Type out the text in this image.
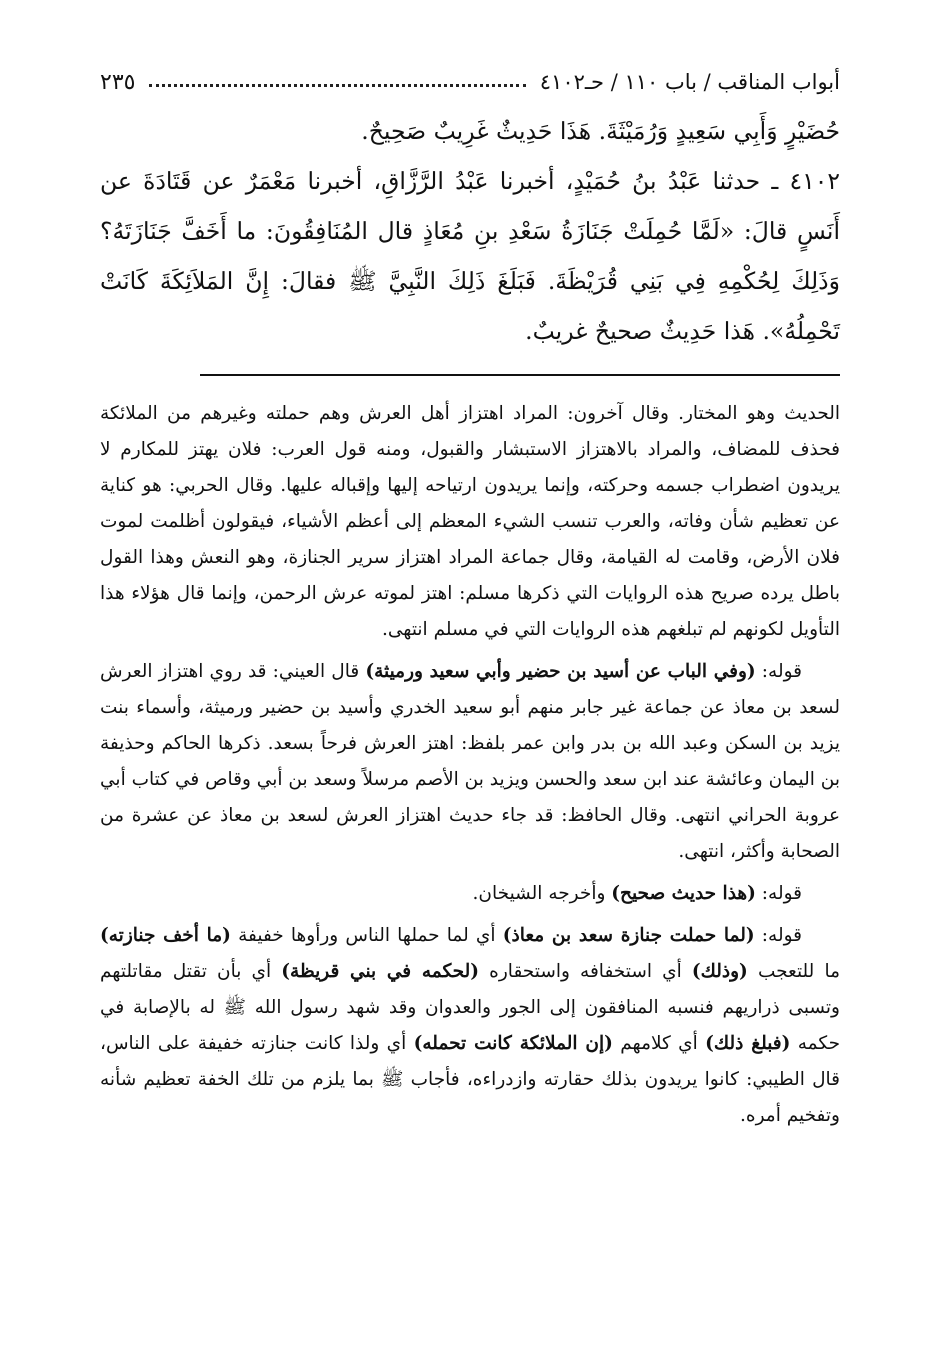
أبواب المناقب / باب ١١٠ / حـ٤١٠٢
٢٣٥

حُضَيْرٍ وَأَبِي سَعِيدٍ وَرُمَيْثَةَ. هَذَا حَدِيثٌ غَرِيبٌ صَحِيحٌ.

٤١٠٢ ـ حدثنا عَبْدُ بنُ حُمَيْدٍ، أخبرنا عَبْدُ الرَّزَّاقِ، أخبرنا مَعْمَرٌ عن قَتَادَةَ عن أَنَسٍ قالَ: «لَمَّا حُمِلَتْ جَنَازَةُ سَعْدِ بنِ مُعَاذٍ قال المُنَافِقُونَ: ما أَخَفَّ جَنَازَتَهُ؟ وَذَلِكَ لِحُكْمِهِ فِي بَنِي قُرَيْظَةَ. فَبَلَغَ ذَلِكَ النَّبِيَّ ﷺ فقالَ: إِنَّ المَلاَئِكَةَ كَانَتْ تَحْمِلُهُ». هَذا حَدِيثٌ صحيحٌ غريبٌ.

الحديث وهو المختار. وقال آخرون: المراد اهتزاز أهل العرش وهم حملته وغيرهم من الملائكة فحذف للمضاف، والمراد بالاهتزاز الاستبشار والقبول، ومنه قول العرب: فلان يهتز للمكارم لا يريدون اضطراب جسمه وحركته، وإنما يريدون ارتياحه إليها وإقباله عليها. وقال الحربي: هو كناية عن تعظيم شأن وفاته، والعرب تنسب الشيء المعظم إلى أعظم الأشياء، فيقولون أظلمت لموت فلان الأرض، وقامت له القيامة، وقال جماعة المراد اهتزاز سرير الجنازة، وهو النعش وهذا القول باطل يرده صريح هذه الروايات التي ذكرها مسلم: اهتز لموته عرش الرحمن، وإنما قال هؤلاء هذا التأويل لكونهم لم تبلغهم هذه الروايات التي في مسلم انتهى.

قوله: (وفي الباب عن أسيد بن حضير وأبي سعيد ورميثة) قال العيني: قد روي اهتزاز العرش لسعد بن معاذ عن جماعة غير جابر منهم أبو سعيد الخدري وأسيد بن حضير ورميثة، وأسماء بنت يزيد بن السكن وعبد الله بن بدر وابن عمر بلفظ: اهتز العرش فرحاً بسعد. ذكرها الحاكم وحذيفة بن اليمان وعائشة عند ابن سعد والحسن ويزيد بن الأصم مرسلاً وسعد بن أبي وقاص في كتاب أبي عروبة الحراني انتهى. وقال الحافظ: قد جاء حديث اهتزاز العرش لسعد بن معاذ عن عشرة من الصحابة وأكثر، انتهى.

قوله: (هذا حديث صحيح) وأخرجه الشيخان.

قوله: (لما حملت جنازة سعد بن معاذ) أي لما حملها الناس ورأوها خفيفة (ما أخف جنازته) ما للتعجب (وذلك) أي استخفافه واستحقاره (لحكمه في بني قريظة) أي بأن تقتل مقاتلتهم وتسبى ذراريهم فنسبه المنافقون إلى الجور والعدوان وقد شهد رسول الله ﷺ له بالإصابة في حكمه (فبلغ ذلك) أي كلامهم (إن الملائكة كانت تحمله) أي ولذا كانت جنازته خفيفة على الناس، قال الطيبي: كانوا يريدون بذلك حقارته وازدراءه، فأجاب ﷺ بما يلزم من تلك الخفة تعظيم شأنه وتفخيم أمره.
